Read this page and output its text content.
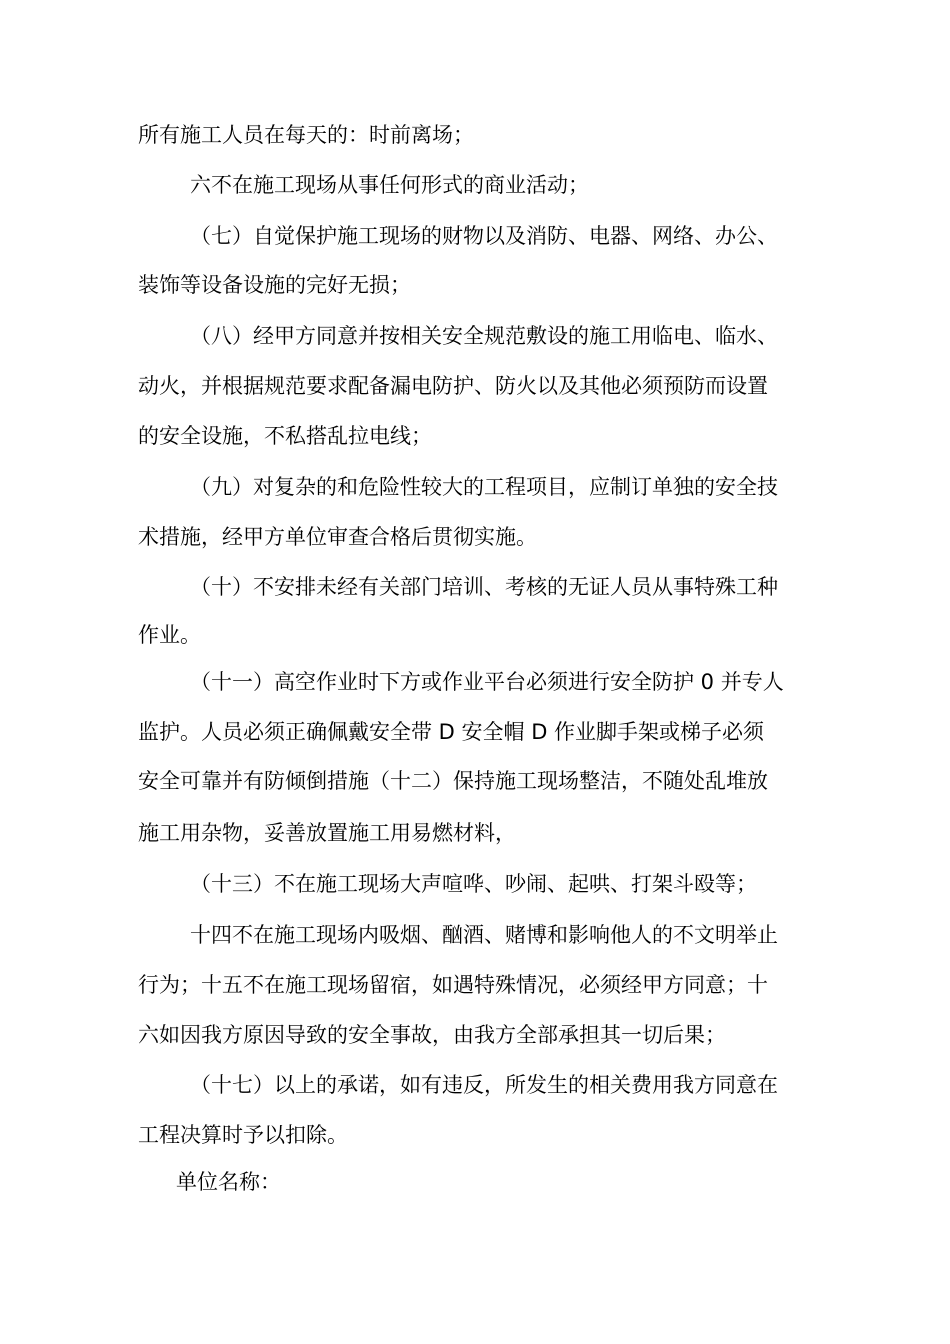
所有施工人员在每天的：时前离场；
六不在施工现场从事任何形式的商业活动；
（七）自觉保护施工现场的财物以及消防、电器、网络、办公、
装饰等设备设施的完好无损；
（八）经甲方同意并按相关安全规范敷设的施工用临电、临水、
动火，并根据规范要求配备漏电防护、防火以及其他必须预防而设置
的安全设施，不私搭乱拉电线；
（九）对复杂的和危险性较大的工程项目，应制订单独的安全技
术措施，经甲方单位审查合格后贯彻实施。
（十）不安排未经有关部门培训、考核的无证人员从事特殊工种
作业。
（十一）高空作业时下方或作业平台必须进行安全防护 0 并专人
监护。人员必须正确佩戴安全带 D 安全帽 D 作业脚手架或梯子必须
安全可靠并有防倾倒措施（十二）保持施工现场整洁，不随处乱堆放
施工用杂物，妥善放置施工用易燃材料，
（十三）不在施工现场大声喧哗、吵闹、起哄、打架斗殴等；
十四不在施工现场内吸烟、酗酒、赌博和影响他人的不文明举止
行为；十五不在施工现场留宿，如遇特殊情况，必须经甲方同意；十
六如因我方原因导致的安全事故，由我方全部承担其一切后果；
（十七）以上的承诺，如有违反，所发生的相关费用我方同意在
工程决算时予以扣除。
单位名称：
